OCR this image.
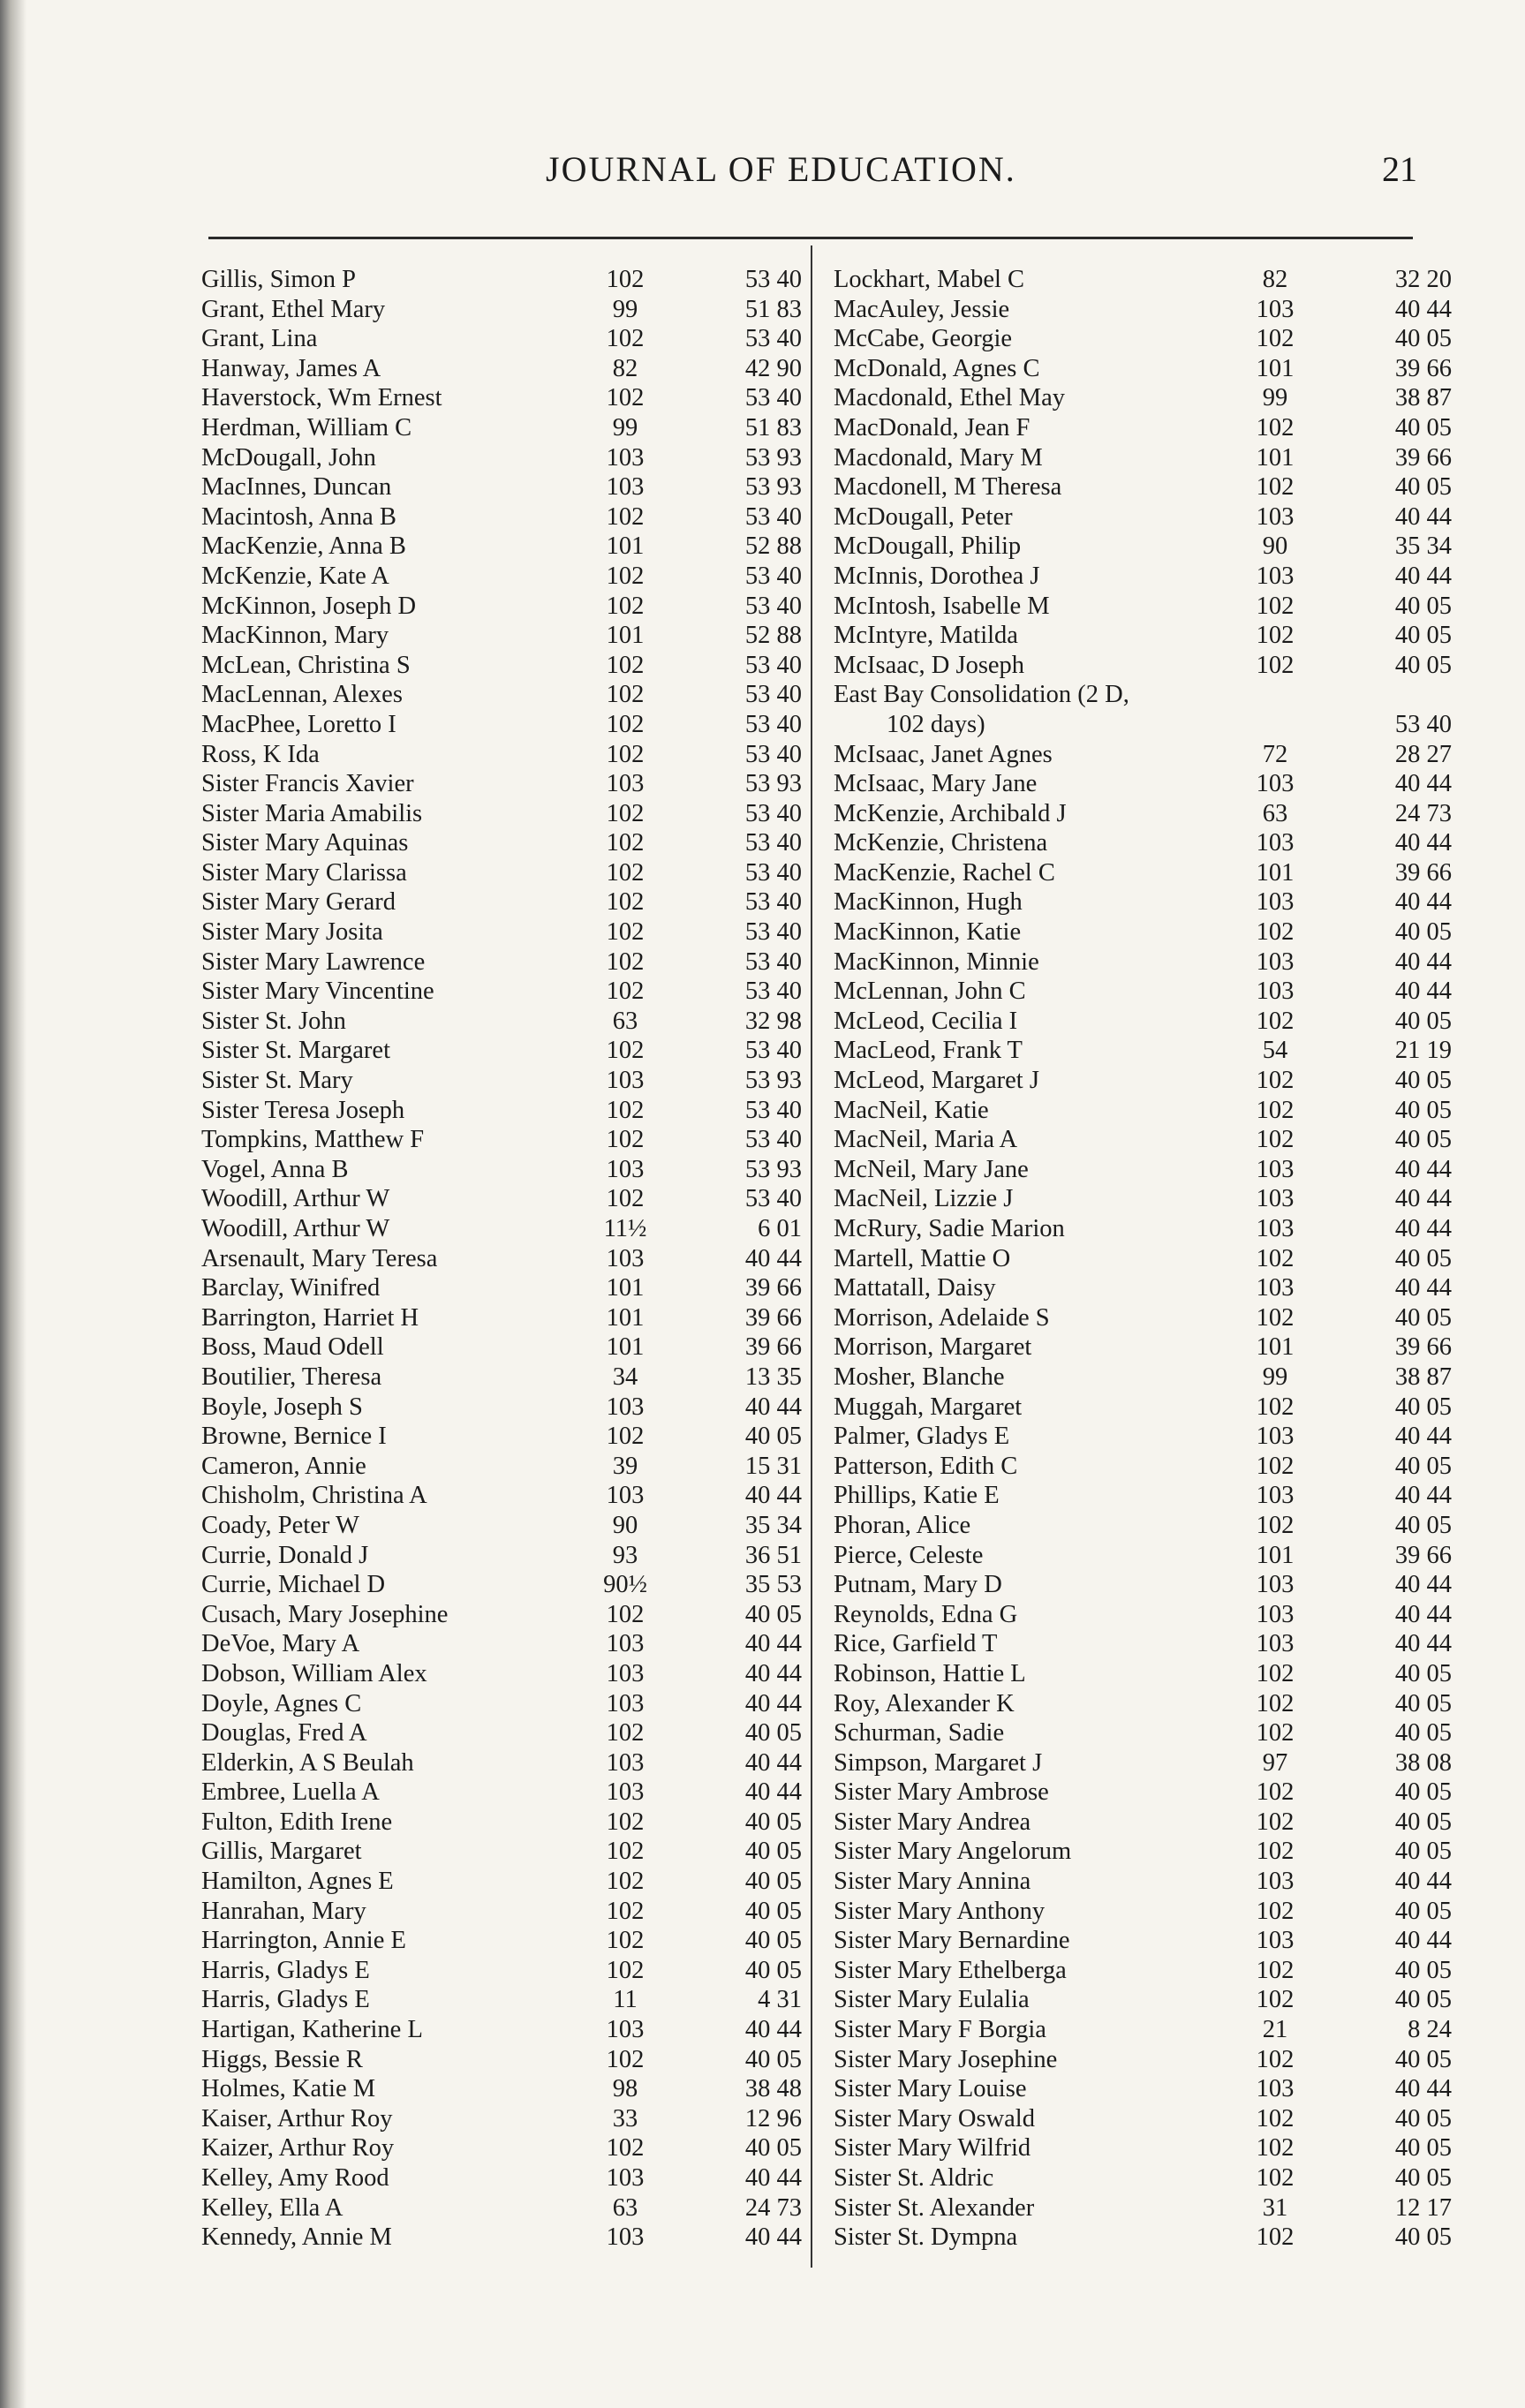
JOURNAL OF EDUCATION.	21
Gillis, Simon P	102	53 40
Grant, Ethel Mary	99	51 83
Grant, Lina	102	53 40
Hanway, James A	82	42 90
Haverstock, Wm Ernest	102	53 40
Herdman, William C	99	51 83
McDougall, John	103	53 93
MacInnes, Duncan	103	53 93
Macintosh, Anna B	102	53 40
MacKenzie, Anna B	101	52 88
McKenzie, Kate A	102	53 40
McKinnon, Joseph D	102	53 40
MacKinnon, Mary	101	52 88
McLean, Christina S	102	53 40
MacLennan, Alexes	102	53 40
MacPhee, Loretto I	102	53 40
Ross, K Ida	102	53 40
Sister Francis Xavier	103	53 93
Sister Maria Amabilis	102	53 40
Sister Mary Aquinas	102	53 40
Sister Mary Clarissa	102	53 40
Sister Mary Gerard	102	53 40
Sister Mary Josita	102	53 40
Sister Mary Lawrence	102	53 40
Sister Mary Vincentine	102	53 40
Sister St. John	63	32 98
Sister St. Margaret	102	53 40
Sister St. Mary	103	53 93
Sister Teresa Joseph	102	53 40
Tompkins, Matthew F	102	53 40
Vogel, Anna B	103	53 93
Woodill, Arthur W	102	53 40
Woodill, Arthur W	11½	6 01
Arsenault, Mary Teresa	103	40 44
Barclay, Winifred	101	39 66
Barrington, Harriet H	101	39 66
Boss, Maud Odell	101	39 66
Boutilier, Theresa	34	13 35
Boyle, Joseph S	103	40 44
Browne, Bernice I	102	40 05
Cameron, Annie	39	15 31
Chisholm, Christina A	103	40 44
Coady, Peter W	90	35 34
Currie, Donald J	93	36 51
Currie, Michael D	90½	35 53
Cusach, Mary Josephine	102	40 05
DeVoe, Mary A	103	40 44
Dobson, William Alex	103	40 44
Doyle, Agnes C	103	40 44
Douglas, Fred A	102	40 05
Elderkin, A S Beulah	103	40 44
Embree, Luella A	103	40 44
Fulton, Edith Irene	102	40 05
Gillis, Margaret	102	40 05
Hamilton, Agnes E	102	40 05
Hanrahan, Mary	102	40 05
Harrington, Annie E	102	40 05
Harris, Gladys E	102	40 05
Harris, Gladys E	11	4 31
Hartigan, Katherine L	103	40 44
Higgs, Bessie R	102	40 05
Holmes, Katie M	98	38 48
Kaiser, Arthur Roy	33	12 96
Kaizer, Arthur Roy	102	40 05
Kelley, Amy Rood	103	40 44
Kelley, Ella A	63	24 73
Kennedy, Annie M	103	40 44
Lockhart, Mabel C	82	32 20
MacAuley, Jessie	103	40 44
McCabe, Georgie	102	40 05
McDonald, Agnes C	101	39 66
Macdonald, Ethel May	99	38 87
MacDonald, Jean F	102	40 05
Macdonald, Mary M	101	39 66
Macdonell, M Theresa	102	40 05
McDougall, Peter	103	40 44
McDougall, Philip	90	35 34
McInnis, Dorothea J	103	40 44
McIntosh, Isabelle M	102	40 05
McIntyre, Matilda	102	40 05
McIsaac, D Joseph	102	40 05
East Bay Consolidation (2 D,
102 days)	53 40
McIsaac, Janet Agnes	72	28 27
McIsaac, Mary Jane	103	40 44
McKenzie, Archibald J	63	24 73
McKenzie, Christena	103	40 44
MacKenzie, Rachel C	101	39 66
MacKinnon, Hugh	103	40 44
MacKinnon, Katie	102	40 05
MacKinnon, Minnie	103	40 44
McLennan, John C	103	40 44
McLeod, Cecilia I	102	40 05
MacLeod, Frank T	54	21 19
McLeod, Margaret J	102	40 05
MacNeil, Katie	102	40 05
MacNeil, Maria A	102	40 05
McNeil, Mary Jane	103	40 44
MacNeil, Lizzie J	103	40 44
McRury, Sadie Marion	103	40 44
Martell, Mattie O	102	40 05
Mattatall, Daisy	103	40 44
Morrison, Adelaide S	102	40 05
Morrison, Margaret	101	39 66
Mosher, Blanche	99	38 87
Muggah, Margaret	102	40 05
Palmer, Gladys E	103	40 44
Patterson, Edith C	102	40 05
Phillips, Katie E	103	40 44
Phoran, Alice	102	40 05
Pierce, Celeste	101	39 66
Putnam, Mary D	103	40 44
Reynolds, Edna G	103	40 44
Rice, Garfield T	103	40 44
Robinson, Hattie L	102	40 05
Roy, Alexander K	102	40 05
Schurman, Sadie	102	40 05
Simpson, Margaret J	97	38 08
Sister Mary Ambrose	102	40 05
Sister Mary Andrea	102	40 05
Sister Mary Angelorum	102	40 05
Sister Mary Annina	103	40 44
Sister Mary Anthony	102	40 05
Sister Mary Bernardine	103	40 44
Sister Mary Ethelberga	102	40 05
Sister Mary Eulalia	102	40 05
Sister Mary F Borgia	21	8 24
Sister Mary Josephine	102	40 05
Sister Mary Louise	103	40 44
Sister Mary Oswald	102	40 05
Sister Mary Wilfrid	102	40 05
Sister St. Aldric	102	40 05
Sister St. Alexander	31	12 17
Sister St. Dympna	102	40 05
